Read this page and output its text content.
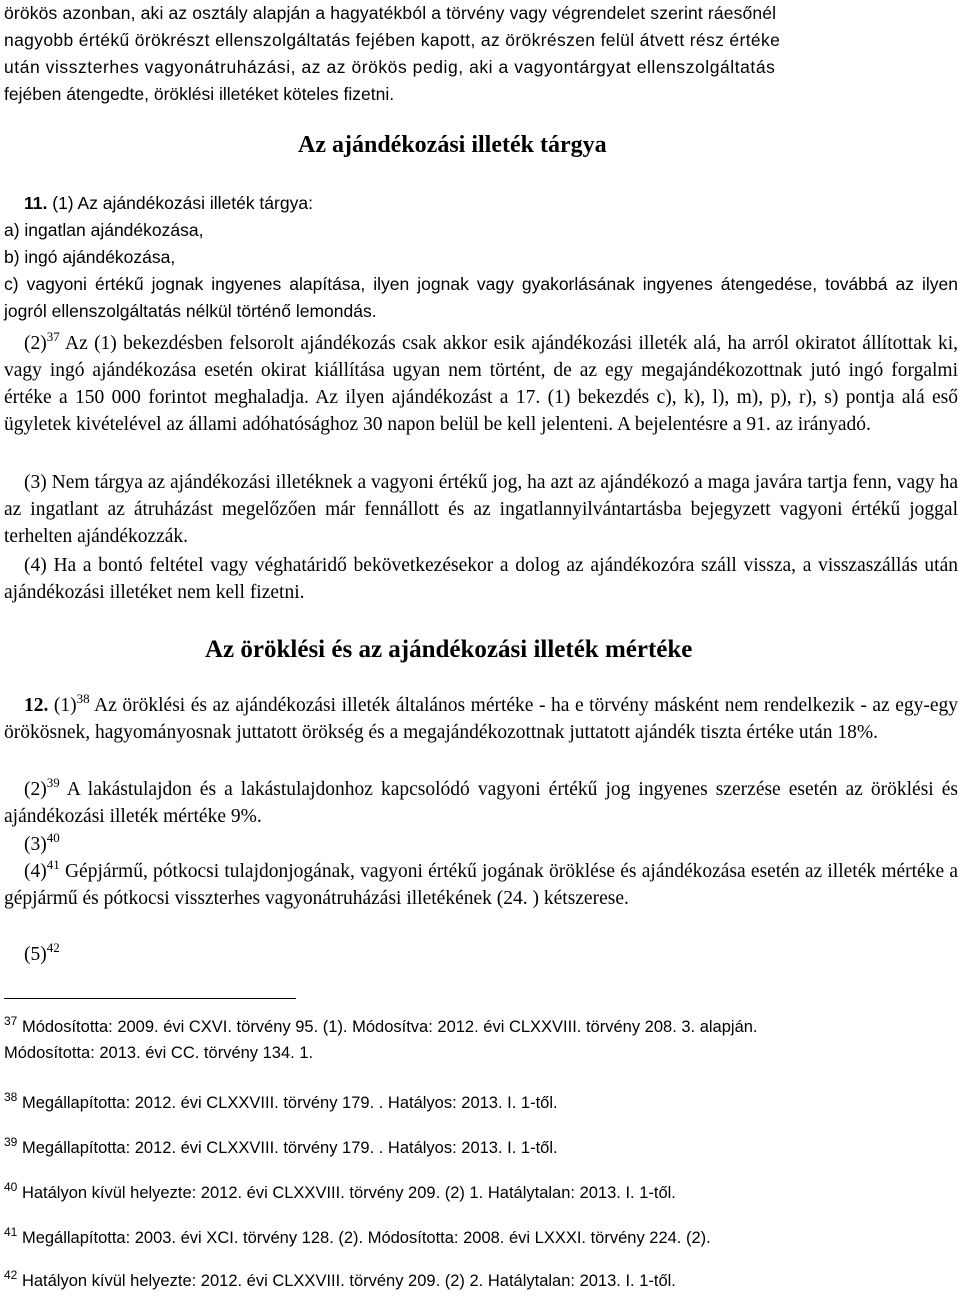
örökös azonban, aki az osztály alapján a hagyatékból a törvény vagy végrendelet szerint ráesőnél
nagyobb értékű örökrészt ellenszolgáltatás fejében kapott, az örökrészen felül átvett rész értéke
után visszterhes vagyonátruházási, az az örökös pedig, aki a vagyontárgyat ellenszolgáltatás
fejében átengedte, öröklési illetéket köteles fizetni.
Az ajándékozási illeték tárgya
11. (1) Az ajándékozási illeték tárgya:
a) ingatlan ajándékozása,
b) ingó ajándékozása,
c) vagyoni értékű jognak ingyenes alapítása, ilyen jognak vagy gyakorlásának ingyenes átengedése, továbbá az ilyen jogról ellenszolgáltatás nélkül történő lemondás.
$(2)^{37}$ Az (1) bekezdésben felsorolt ajándékozás csak akkor esik ajándékozási illeték alá, ha arról okiratot állítottak ki, vagy ingó ajándékozása esetén okirat kiállítása ugyan nem történt, de az egy megajándékozottnak jutó ingó forgalmi értéke a 150 000 forintot meghaladja. Az ilyen ajándékozást a 17. (1) bekezdés c), k), l), m), p), r), s) pontja alá eső ügyletek kivételével az állami adóhatósághoz 30 napon belül be kell jelenteni. A bejelentésre a 91. az irányadó.
(3) Nem tárgya az ajándékozási illetéknek a vagyoni értékű jog, ha azt az ajándékozó a maga javára tartja fenn, vagy ha az ingatlant az átruházást megelőzően már fennállott és az ingatlannyilvántartásba bejegyzett vagyoni értékű joggal terhelten ajándékozzák.
(4) Ha a bontó feltétel vagy véghatáridő bekövetkezésekor a dolog az ajándékozóra száll vissza, a visszaszállás után ajándékozási illetéket nem kell fizetni.
Az öröklési és az ajándékozási illeték mértéke
12. $(1)^{38}$ Az öröklési és az ajándékozási illeték általános mértéke - ha e törvény másként nem rendelkezik - az egy-egy örökösnek, hagyományosnak juttatott örökség és a megajándékozottnak juttatott ajándék tiszta értéke után 18%.
$(2)^{39}$ A lakástulajdon és a lakástulajdonhoz kapcsolódó vagyoni értékű jog ingyenes szerzése esetén az öröklési és ajándékozási illeték mértéke 9%.
$(3)^{40}$
$(4)^{41}$ Gépjármű, pótkocsi tulajdonjogának, vagyoni értékű jogának öröklése és ajándékozása esetén az illeték mértéke a gépjármű és pótkocsi visszterhes vagyonátruházási illetékének (24. ) kétszerese.
$(5)^{42}$
$^{37}$ Módosította: 2009. évi CXVI. törvény 95. (1). Módosítva: 2012. évi CLXXVIII. törvény 208. 3. alapján.
Módosította: 2013. évi CC. törvény 134. 1.
$^{38}$ Megállapította: 2012. évi CLXXVIII. törvény 179. . Hatályos: 2013. I. 1-től.
$^{39}$ Megállapította: 2012. évi CLXXVIII. törvény 179. . Hatályos: 2013. I. 1-től.
$^{40}$ Hatályon kívül helyezte: 2012. évi CLXXVIII. törvény 209. (2) 1. Hatálytalan: 2013. I. 1-től.
$^{41}$ Megállapította: 2003. évi XCI. törvény 128. (2). Módosította: 2008. évi LXXXI. törvény 224. (2).
$^{42}$ Hatályon kívül helyezte: 2012. évi CLXXVIII. törvény 209. (2) 2. Hatálytalan: 2013. I. 1-től.
